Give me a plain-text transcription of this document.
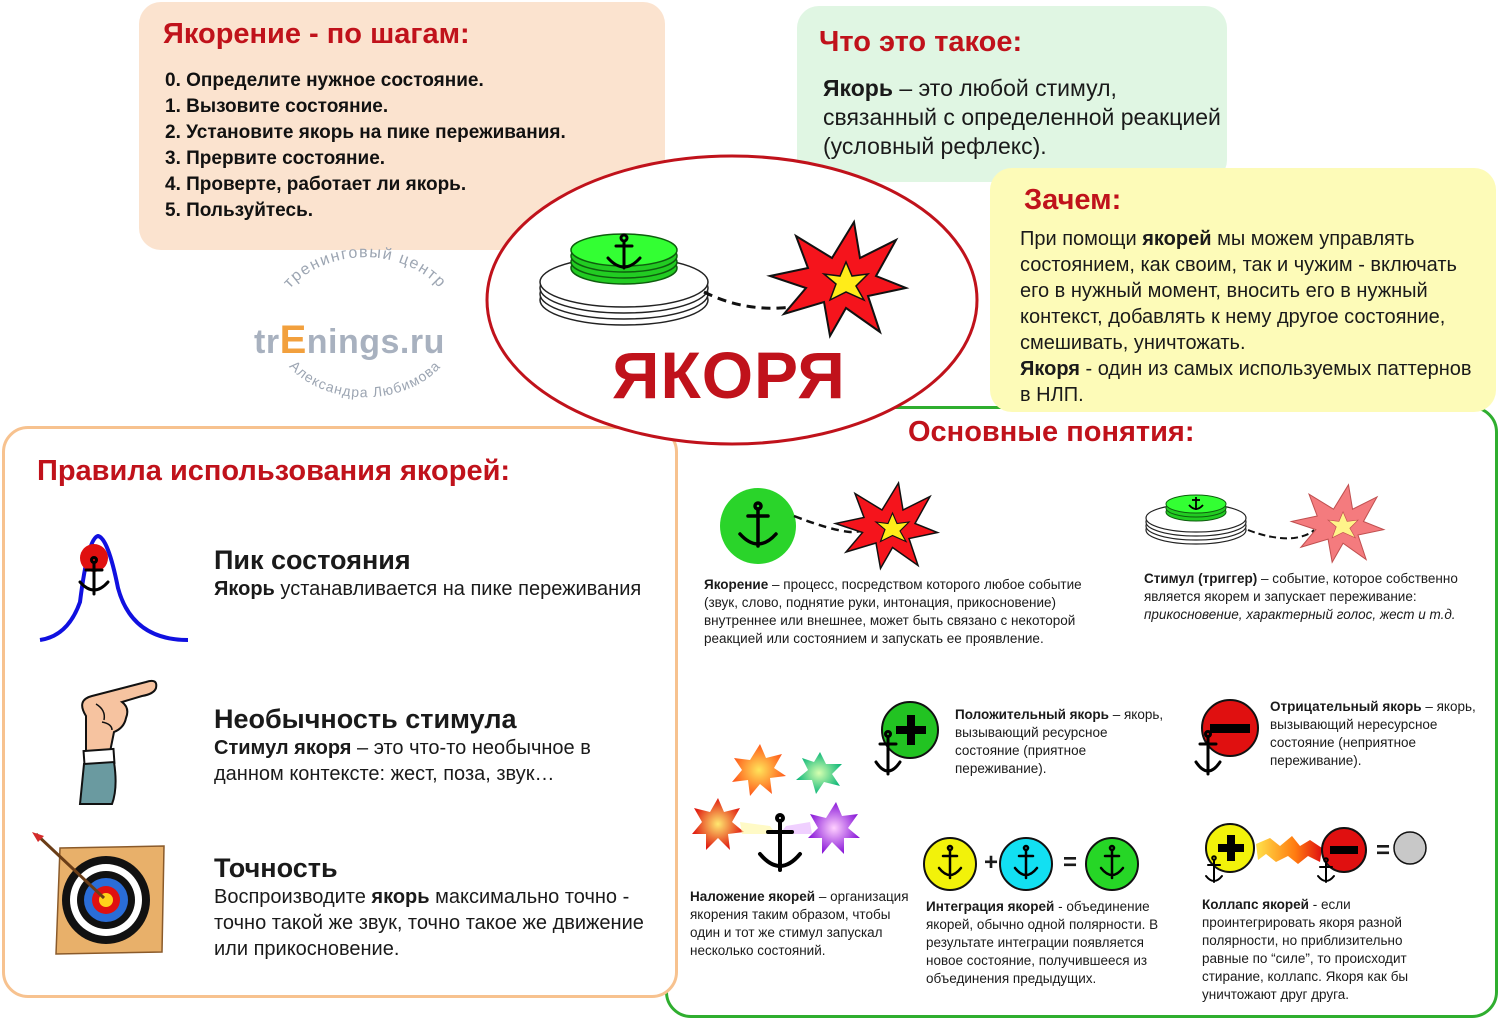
Якорение - по шагам:
0. Определите нужное состояние.
1. Вызовите состояние.
2. Установите якорь на пике переживания.
3. Прервите состояние.
4. Проверте, работает ли якорь.
5. Пользуйтесь.
Что это такое:
Якорь – это любой стимул, связанный с определенной реакцией (условный рефлекс).
ЯКОРЯ
Зачем:
При помощи якорей мы можем управлять состоянием, как своим, так и чужим - включать его в нужный момент, вносить его в нужный контекст, добавлять к нему другое состояние, смешивать, уничтожать.
Якоря - один из самых используемых паттернов в НЛП.
тренинговый центр
Александра Любимова
trEnings.ru
Правила использования якорей:
Пик состояния
Якорь устанавливается на пике переживания
Необычность стимула
Стимул якоря – это что-то необычное в данном контексте: жест, поза, звук…
Точность
Воспроизводите якорь максимально точно - точно такой же звук, точно такое же движение или прикосновение.
Основные понятия:
Якорение – процесс, посредством которого любое событие (звук, слово, поднятие руки, интонация, прикосновение) внутреннее или внешнее, может быть связано с некоторой реакцией или состоянием и запускать ее проявление.
Стимул (триггер) – событие, которое собственно является якорем и запускает переживание: прикосновение, характерный голос, жест и т.д.
Положительный якорь – якорь, вызывающий ресурсное состояние (приятное переживание).
Отрицательный якорь – якорь, вызывающий нересурсное состояние (неприятное переживание).
Наложение якорей – организация якорения таким образом, чтобы один и тот же стимул запускал несколько состояний.
+	=
Интеграция якорей - объединение якорей, обычно одной полярности. В результате интеграции появляется новое состояние, получившееся из объединения предыдущих.
=
Коллапс якорей - если проинтегрировать якоря разной полярности, но приблизительно равные по “силе”, то происходит стирание, коллапс. Якоря как бы уничтожают друг друга.
